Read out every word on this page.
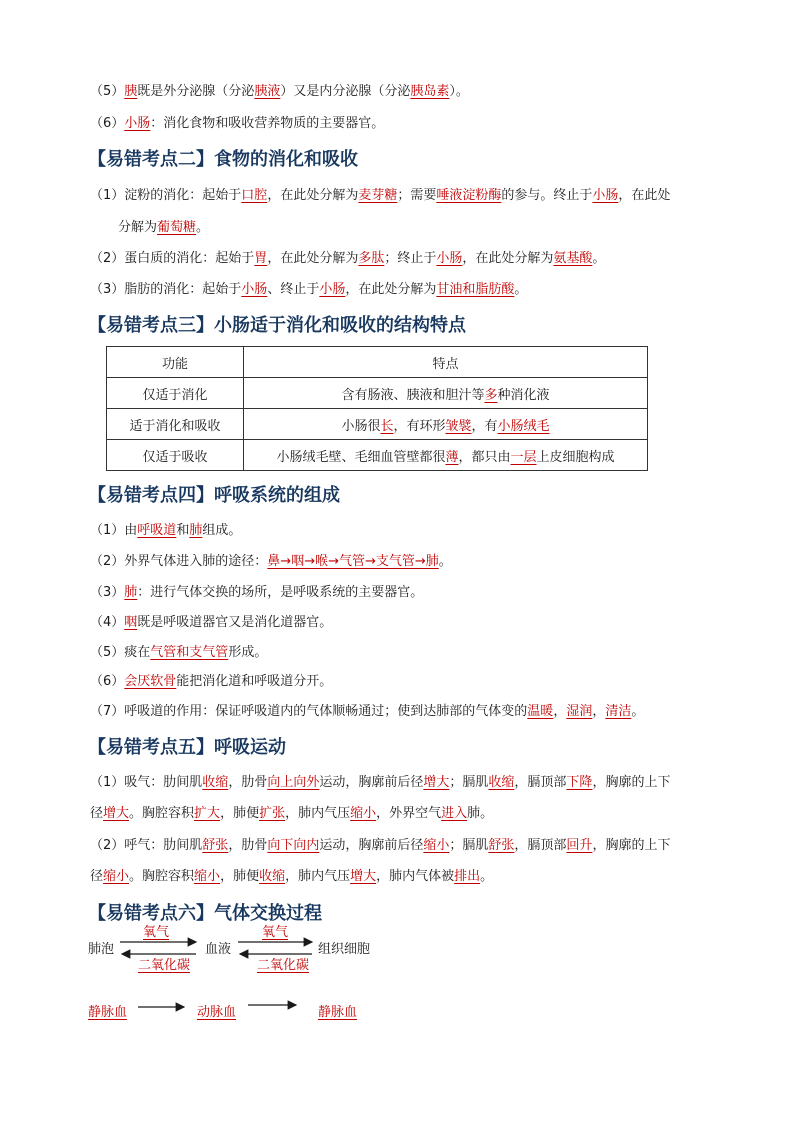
（5）胰既是外分泌腺（分泌胰液）又是内分泌腺（分泌胰岛素）。
（6）小肠：消化食物和吸收营养物质的主要器官。
【易错考点二】食物的消化和吸收
（1）淀粉的消化：起始于口腔，在此处分解为麦芽糖；需要唾液淀粉酶的参与。终止于小肠，在此处
分解为葡萄糖。
（2）蛋白质的消化：起始于胃，在此处分解为多肽；终止于小肠，在此处分解为氨基酸。
（3）脂肪的消化：起始于小肠、终止于小肠，在此处分解为甘油和脂肪酸。
【易错考点三】小肠适于消化和吸收的结构特点
功能	特点
仅适于消化	含有肠液、胰液和胆汁等多种消化液
适于消化和吸收	小肠很长，有环形皱襞，有小肠绒毛
仅适于吸收	小肠绒毛壁、毛细血管壁都很薄，都只由一层上皮细胞构成
【易错考点四】呼吸系统的组成
（1）由呼吸道和肺组成。
（2）外界气体进入肺的途径：鼻→咽→喉→气管→支气管→肺。
（3）肺：进行气体交换的场所，是呼吸系统的主要器官。
（4）咽既是呼吸道器官又是消化道器官。
（5）痰在气管和支气管形成。
（6）会厌软骨能把消化道和呼吸道分开。
（7）呼吸道的作用：保证呼吸道内的气体顺畅通过；使到达肺部的气体变的温暖，湿润，清洁。
【易错考点五】呼吸运动
（1）吸气：肋间肌收缩，肋骨向上向外运动，胸廓前后径增大；膈肌收缩，膈顶部下降，胸廓的上下
径增大。胸腔容积扩大，肺便扩张，肺内气压缩小，外界空气进入肺。
（2）呼气：肋间肌舒张，肋骨向下向内运动，胸廓前后径缩小；膈肌舒张，膈顶部回升，胸廓的上下
径缩小。胸腔容积缩小，肺便收缩，肺内气压增大，肺内气体被排出。
【易错考点六】气体交换过程
肺泡	血液	组织细胞
氧气
二氧化碳
氧气
二氧化碳
静脉血	动脉血	静脉血
